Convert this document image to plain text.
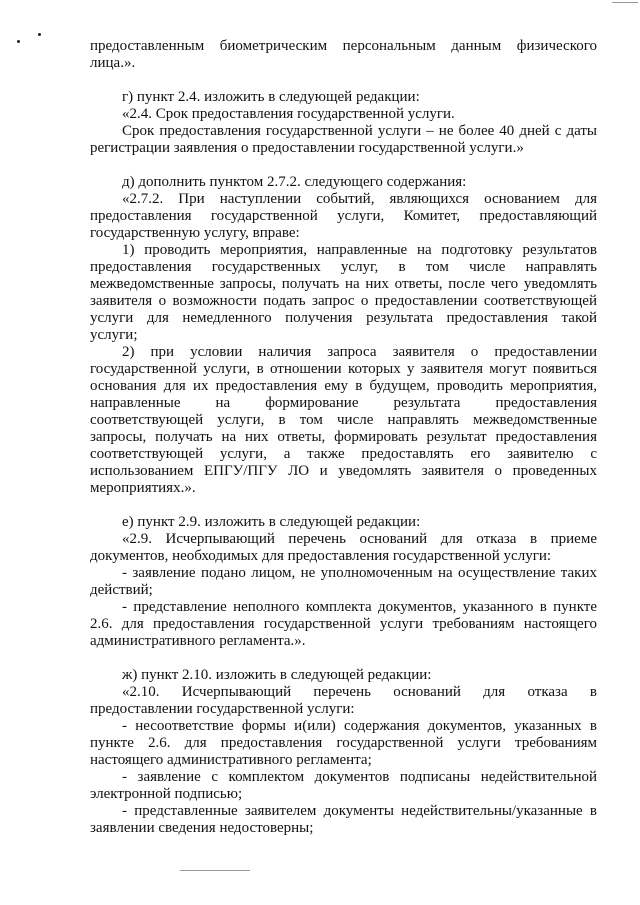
предоставленным биометрическим персональным данным физического
лица.».
г) пункт 2.4. изложить в следующей редакции:
«2.4. Срок предоставления государственной услуги.
Срок предоставления государственной услуги – не более 40 дней с даты
регистрации заявления о предоставлении государственной услуги.»
д) дополнить пунктом 2.7.2. следующего содержания:
«2.7.2. При наступлении событий, являющихся основанием для
предоставления государственной услуги, Комитет, предоставляющий
государственную услугу, вправе:
1) проводить мероприятия, направленные на подготовку результатов
предоставления государственных услуг, в том числе направлять
межведомственные запросы, получать на них ответы, после чего уведомлять
заявителя о возможности подать запрос о предоставлении соответствующей
услуги для немедленного получения результата предоставления такой
услуги;
2) при условии наличия запроса заявителя о предоставлении
государственной услуги, в отношении которых у заявителя могут появиться
основания для их предоставления ему в будущем, проводить мероприятия,
направленные на формирование результата предоставления
соответствующей услуги, в том числе направлять межведомственные
запросы, получать на них ответы, формировать результат предоставления
соответствующей услуги, а также предоставлять его заявителю с
использованием ЕПГУ/ПГУ ЛО и уведомлять заявителя о проведенных
мероприятиях.».
е) пункт 2.9. изложить в следующей редакции:
«2.9. Исчерпывающий перечень оснований для отказа в приеме
документов, необходимых для предоставления государственной услуги:
- заявление подано лицом, не уполномоченным на осуществление таких
действий;
- представление неполного комплекта документов, указанного в пункте
2.6. для предоставления государственной услуги требованиям настоящего
административного регламента.».
ж) пункт 2.10. изложить в следующей редакции:
«2.10. Исчерпывающий перечень оснований для отказа в
предоставлении государственной услуги:
- несоответствие формы и(или) содержания документов, указанных в
пункте 2.6. для предоставления государственной услуги требованиям
настоящего административного регламента;
- заявление с комплектом документов подписаны недействительной
электронной подписью;
- представленные заявителем документы недействительны/указанные в
заявлении сведения недостоверны;
